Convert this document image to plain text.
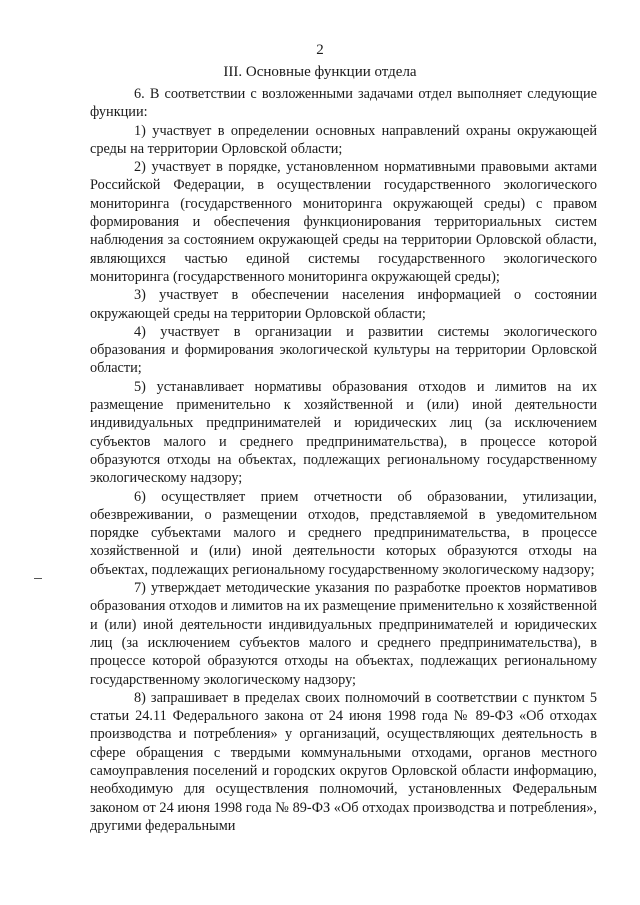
2
III. Основные функции отдела

6. В соответствии с возложенными задачами отдел выполняет следующие функции:

1) участвует в определении основных направлений охраны окружающей среды на территории Орловской области;

2) участвует в порядке, установленном нормативными правовыми актами Российской Федерации, в осуществлении государственного экологического мониторинга (государственного мониторинга окружающей среды) с правом формирования и обеспечения функционирования территориальных систем наблюдения за состоянием окружающей среды на территории Орловской области, являющихся частью единой системы государственного экологического мониторинга (государственного мониторинга окружающей среды);

3) участвует в обеспечении населения информацией о состоянии окружающей среды на территории Орловской области;

4) участвует в организации и развитии системы экологического образования и формирования экологической культуры на территории Орловской области;

5) устанавливает нормативы образования отходов и лимитов на их размещение применительно к хозяйственной и (или) иной деятельности индивидуальных предпринимателей и юридических лиц (за исключением субъектов малого и среднего предпринимательства), в процессе которой образуются отходы на объектах, подлежащих региональному государственному экологическому надзору;

6) осуществляет прием отчетности об образовании, утилизации, обезвреживании, о размещении отходов, представляемой в уведомительном порядке субъектами малого и среднего предпринимательства, в процессе хозяйственной и (или) иной деятельности которых образуются отходы на объектах, подлежащих региональному государственному экологическому надзору;

7) утверждает методические указания по разработке проектов нормативов образования отходов и лимитов на их размещение применительно к хозяйственной и (или) иной деятельности индивидуальных предпринимателей и юридических лиц (за исключением субъектов малого и среднего предпринимательства), в процессе которой образуются отходы на объектах, подлежащих региональному государственному экологическому надзору;

8) запрашивает в пределах своих полномочий в соответствии с пунктом 5 статьи 24.11 Федерального закона от 24 июня 1998 года № 89-ФЗ «Об отходах производства и потребления» у организаций, осуществляющих деятельность в сфере обращения с твердыми коммунальными отходами, органов местного самоуправления поселений и городских округов Орловской области информацию, необходимую для осуществления полномочий, установленных Федеральным законом от 24 июня 1998 года № 89-ФЗ «Об отходах производства и потребления», другими федеральными
